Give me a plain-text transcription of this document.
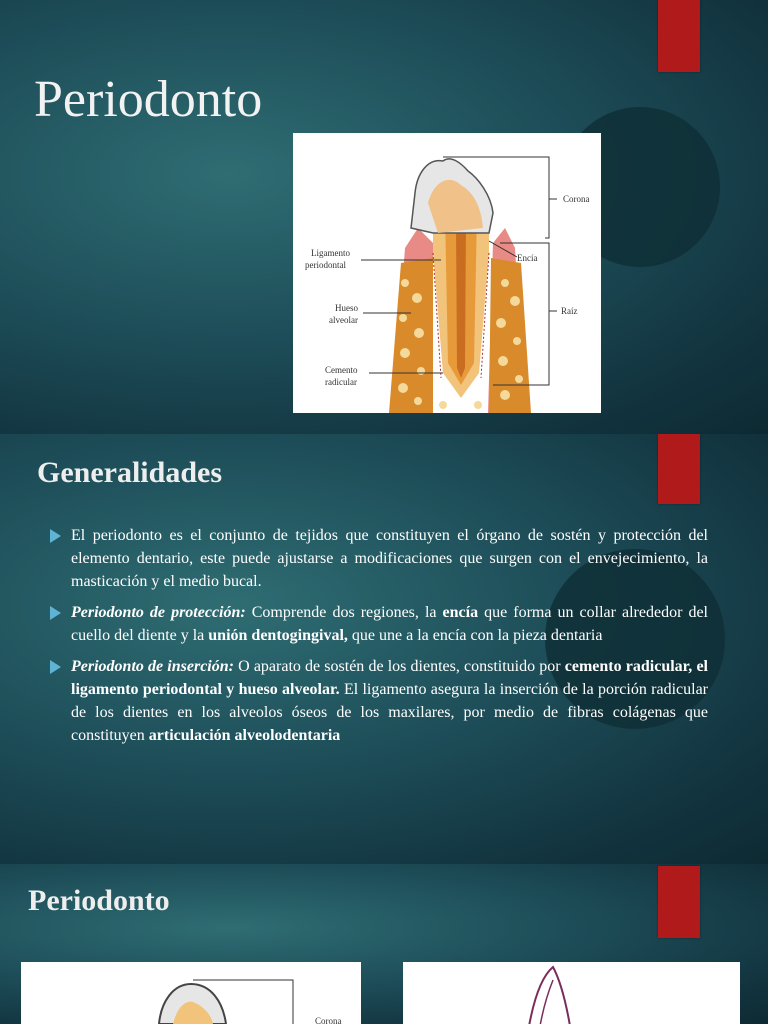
Periodonto
Corona
Encía
Raíz
Ligamento
periodontal
Hueso
alveolar
Cemento
radicular
Generalidades
El periodonto es el conjunto de tejidos que constituyen el órgano de sostén y protección del elemento dentario, este puede ajustarse a modificaciones que surgen con el envejecimiento, la masticación y el medio bucal.
Periodonto de protección: Comprende dos regiones, la encía que forma un collar alrededor del cuello del diente y la unión dentogingival, que une a la encía con la pieza dentaria
Periodonto de inserción: O aparato de sostén de los dientes, constituido por cemento radicular, el ligamento periodontal y hueso alveolar. El ligamento asegura la inserción de la porción radicular de los dientes en los alveolos óseos de los maxilares, por medio de fibras colágenas que constituyen articulación alveolodentaria
Periodonto
Corona
